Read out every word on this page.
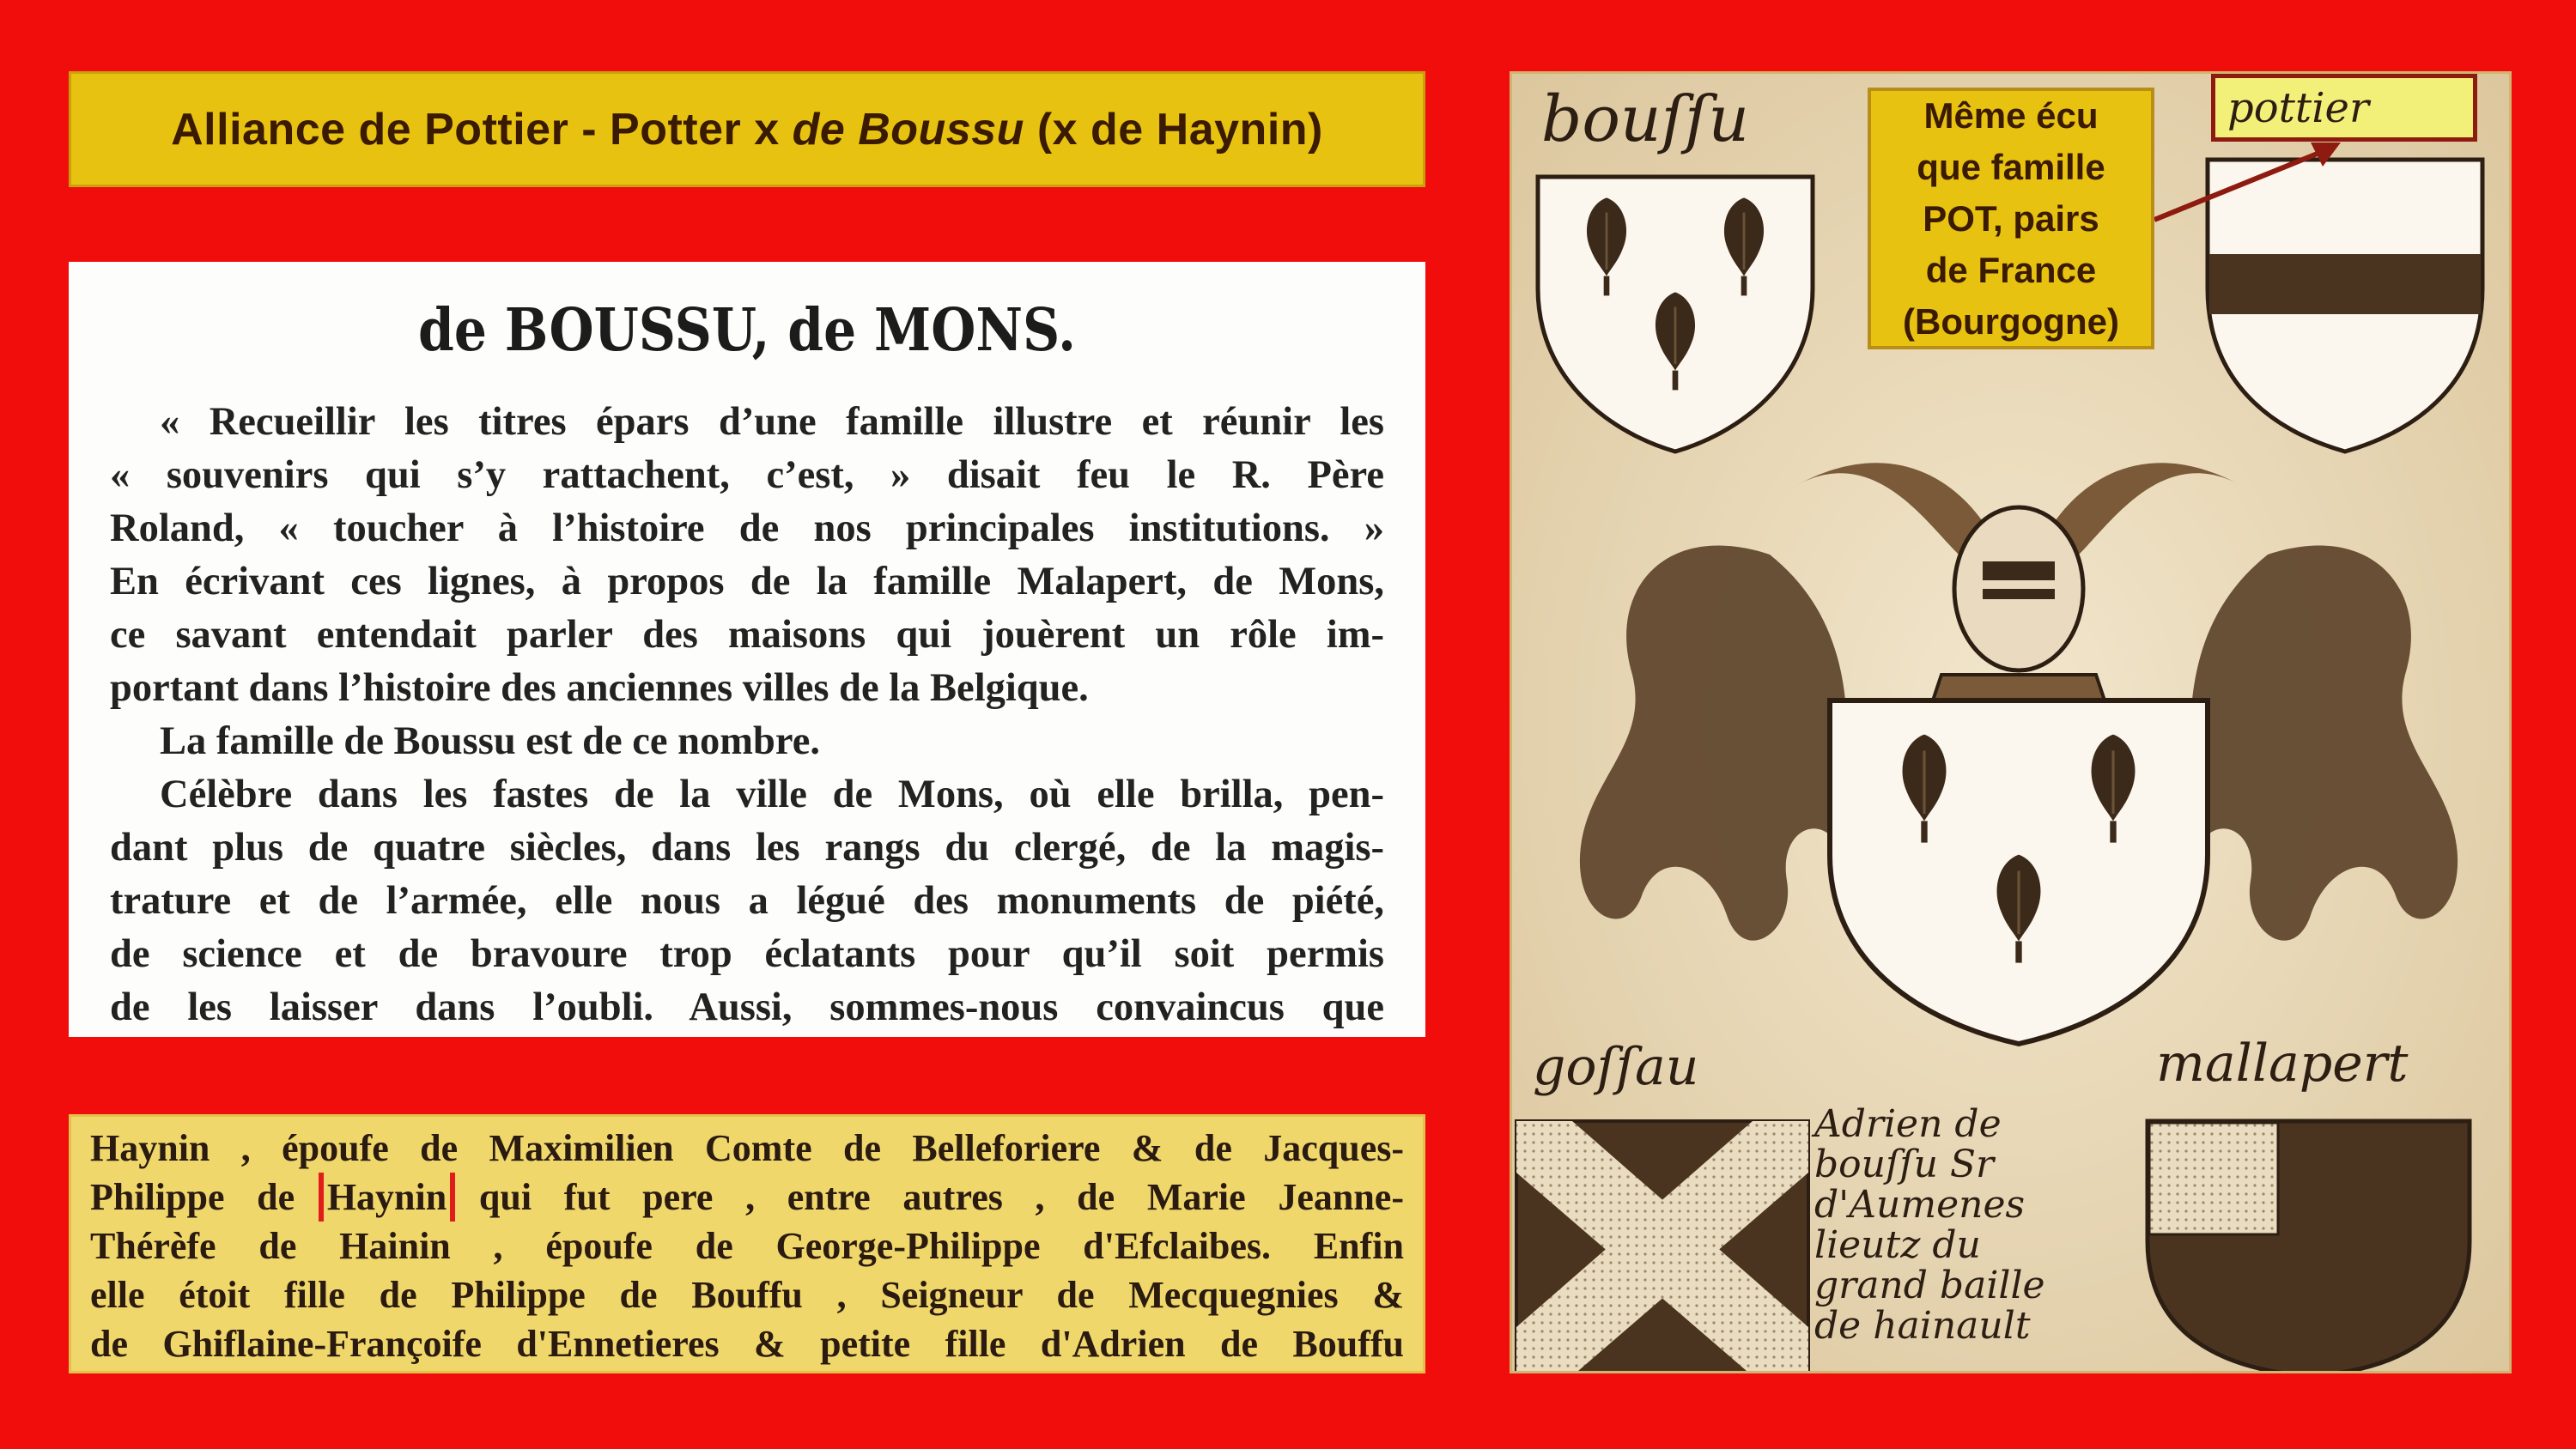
Alliance de Pottier - Potter x de Boussu (x de Haynin)
de BOUSSU, de MONS.
« Recueillir les titres épars d’une famille illustre et réunir les
« souvenirs qui s’y rattachent, c’est, » disait feu le R. Père
Roland, « toucher à l’histoire de nos principales institutions. »
En écrivant ces lignes, à propos de la famille Malapert, de Mons,
ce savant entendait parler des maisons qui jouèrent un rôle im-
portant dans l’histoire des anciennes villes de la Belgique.
La famille de Boussu est de ce nombre.
Célèbre dans les fastes de la ville de Mons, où elle brilla, pen-
dant plus de quatre siècles, dans les rangs du clergé, de la magis-
trature et de l’armée, elle nous a légué des monuments de piété,
de science et de bravoure trop éclatants pour qu’il soit permis
de les laisser dans l’oubli. Aussi, sommes-nous convaincus que
Haynin , époufe de Maximilien Comte de Belleforiere & de Jacques-
Philippe de Haynin qui fut pere , entre autres , de Marie Jeanne-
Thérèfe de Hainin , époufe de George-Philippe d'Efclaibes. Enfin
elle étoit fille de Philippe de Bouffu , Seigneur de Mecquegnies &
de Ghiflaine-Françoife d'Ennetieres & petite fille d'Adrien de Bouffu
bouſſu	pottier
Même écu
que famille
POT, pairs
de France
(Bourgogne)
goſſau	mallapert
Adrien de
bouſſu Sr
d'Aumenes
lieutz du
grand baille
de hainault
